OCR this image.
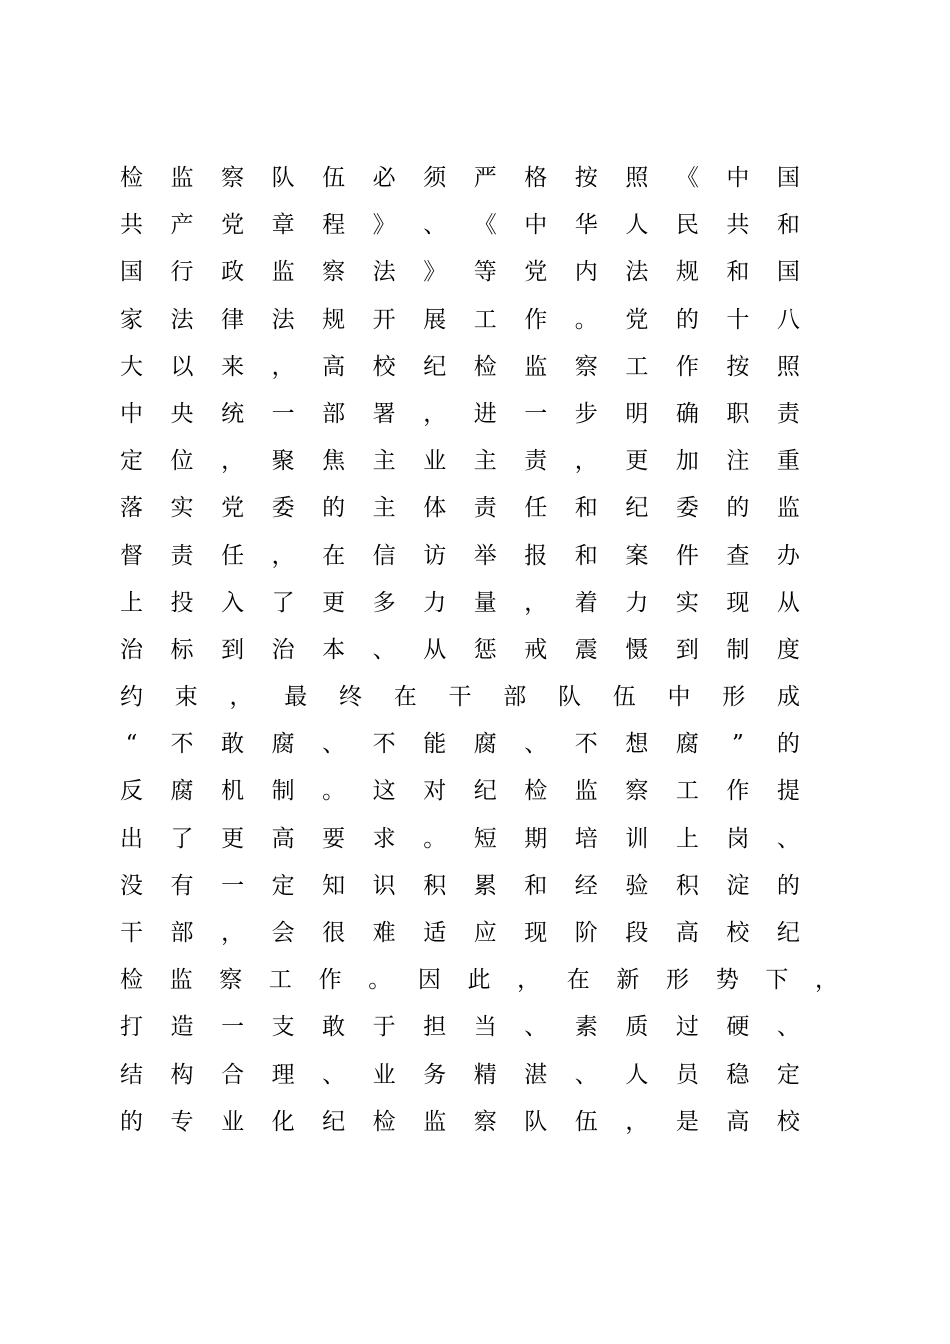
检 监 察 队 伍 必 须 严 格 按 照 《 中 国
共 产 党 章 程 》 、 《 中 华 人 民 共 和
国 行 政 监 察 法 》 等 党 内 法 规 和 国
家 法 律 法 规 开 展 工 作 。 党 的 十 八
大 以 来 ， 高 校 纪 检 监 察 工 作 按 照
中 央 统 一 部 署 ， 进 一 步 明 确 职 责
定 位 ， 聚 焦 主 业 主 责 ， 更 加 注 重
落 实 党 委 的 主 体 责 任 和 纪 委 的 监
督 责 任 ， 在 信 访 举 报 和 案 件 查 办
上 投 入 了 更 多 力 量 ， 着 力 实 现 从
治 标 到 治 本 、 从 惩 戒 震 慑 到 制 度
约 束 ， 最 终 在 干 部 队 伍 中 形 成
“ 不 敢 腐 、 不 能 腐 、 不 想 腐 ” 的
反 腐 机 制 。 这 对 纪 检 监 察 工 作 提
出 了 更 高 要 求 。 短 期 培 训 上 岗 、
没 有 一 定 知 识 积 累 和 经 验 积 淀 的
干 部 ， 会 很 难 适 应 现 阶 段 高 校 纪
检 监 察 工 作 。 因 此 ， 在 新 形 势 下 ，
打 造 一 支 敢 于 担 当 、 素 质 过 硬 、
结 构 合 理 、 业 务 精 湛 、 人 员 稳 定
的 专 业 化 纪 检 监 察 队 伍 ， 是 高 校
